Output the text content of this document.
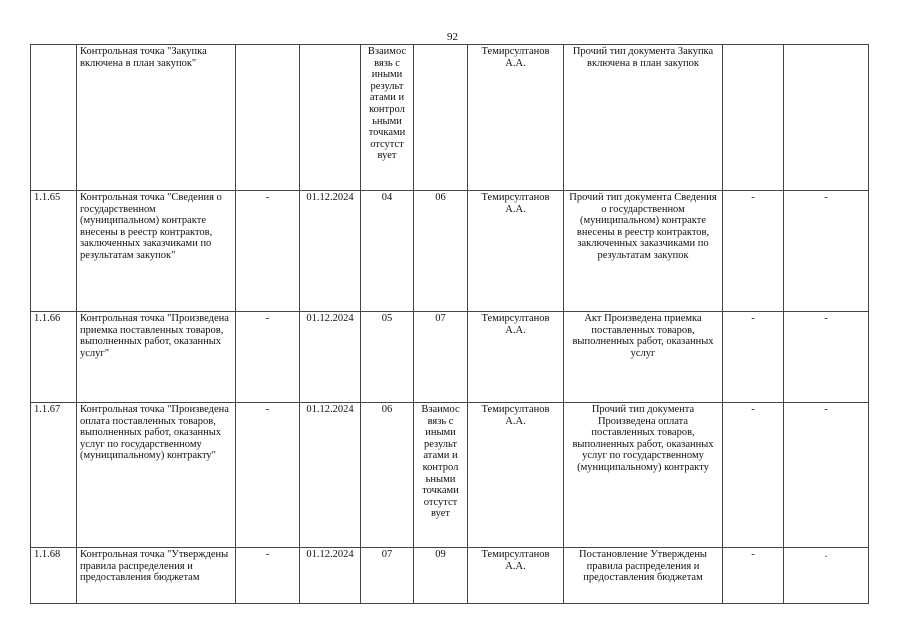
92
	Контрольная точка "Закупка включена в план закупок"			Взаимос вязь с иными результ атами и контрол ьными точками отсутст вует		Темирсултанов А.А.	Прочий тип документа Закупка включена в план закупок		
1.1.65	Контрольная точка "Сведения о государственном (муниципальном) контракте внесены в реестр контрактов, заключенных заказчиками по результатам закупок"	-	01.12.2024	04	06	Темирсултанов А.А.	Прочий тип документа Сведения о государственном (муниципальном) контракте внесены в реестр контрактов, заключенных заказчиками по результатам закупок	-	-
1.1.66	Контрольная точка "Произведена приемка поставленных товаров, выполненных работ, оказанных услуг"	-	01.12.2024	05	07	Темирсултанов А.А.	Акт Произведена приемка поставленных товаров, выполненных работ, оказанных услуг	-	-
1.1.67	Контрольная точка "Произведена оплата поставленных товаров, выполненных работ, оказанных услуг по государственному (муниципальному) контракту"	-	01.12.2024	06	Взаимос вязь с иными результ атами и контрол ьными точками отсутст вует	Темирсултанов А.А.	Прочий тип документа Произведена оплата поставленных товаров, выполненных работ, оказанных услуг по государственному (муниципальному) контракту	-	-
1.1.68	Контрольная точка "Утверждены правила распределения и предоставления бюджетам	-	01.12.2024	07	09	Темирсултанов А.А.	Постановление Утверждены правила распределения и предоставления бюджетам	-	.
